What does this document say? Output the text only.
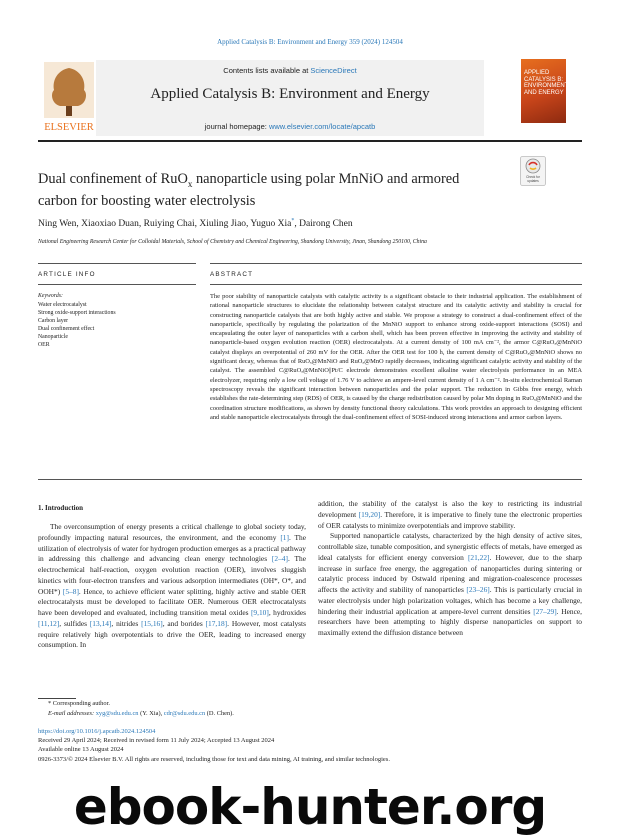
Applied Catalysis B: Environment and Energy 359 (2024) 124504
ELSEVIER
Contents lists available at ScienceDirect
Applied Catalysis B: Environment and Energy
journal homepage: www.elsevier.com/locate/apcatb
APPLIED
CATALYSIS B:
ENVIRONMENT
AND ENERGY
Dual confinement of RuO$_x$ nanoparticle using polar MnNiO and armored carbon for boosting water electrolysis
Check for
updates
Ning Wen, Xiaoxiao Duan, Ruiying Chai, Xiuling Jiao, Yuguo Xia*, Dairong Chen
National Engineering Research Center for Colloidal Materials, School of Chemistry and Chemical Engineering, Shandong University, Jinan, Shandong 250100, China
ARTICLE INFO	ABSTRACT
Keywords:
Water electrocatalyst
Strong oxide-support interactions
Carbon layer
Dual confinement effect
Nanoparticle
OER
The poor stability of nanoparticle catalysts with catalytic activity is a significant obstacle to their industrial application. The establishment of rational nanoparticle structures to elucidate the relationship between catalyst structure and its catalytic activity and stability is crucial for constructing nanoparticle catalysts that are both highly active and stable. We propose a strategy to construct a dual-confinement effect of the nanoparticle, specifically by regulating the polarization of the MnNiO support to enhance strong oxide-support interactions (SOSI) and encapsulating the outer layer of nanoparticles with a carbon shell, which has been proven effective in improving the activity and stability of nanoparticle-based oxygen evolution reaction (OER) electrocatalysts. At a current density of 100 mA cm⁻², the armor C@RuOₓ@MnNiO catalyst displays an overpotential of 260 mV for the OER. After the OER test for 100 h, the current density of C@RuOₓ@MnNiO shows no significant decay, whereas that of RuOₓ@MnNiO and RuOₓ@MnO rapidly decreases, indicating significant catalytic activity and stability of the catalyst. The assembled C@RuOₓ@MnNiO||Pt/C electrode demonstrates excellent alkaline water electrolysis performance in an MEA electrolyzer, requiring only a low cell voltage of 1.76 V to achieve an ampere-level current density of 1 A cm⁻². In-situ electrochemical Raman spectroscopy reveals the significant interaction between nanoparticles and the polar support. The reduction in Gibbs free energy, which establishes the rate-determining step (RDS) of OER, is caused by the charge redistribution caused by polar Mn doping in RuOₓ@MnNiO and the coordination structure modifications, as shown by density functional theory calculations. This work provides an approach to designing efficient and stable nanoparticle electrocatalysts through the dual-confinement effect of SOSI-induced strong interactions and armor carbon layers.
1. Introduction

The overconsumption of energy presents a critical challenge to global society today, profoundly impacting natural resources, the environment, and the economy [1]. The utilization of electrolysis of water for hydrogen production emerges as a practical pathway in addressing this challenge and advancing clean energy technologies [2–4]. The electrochemical half-reaction, oxygen evolution reaction (OER), involves sluggish kinetics with four-electron transfers and various adsorption intermediates (OH*, O*, and OOH*) [5–8]. Hence, to achieve efficient water splitting, highly active and stable OER electrocatalysts must be developed to facilitate OER. Numerous OER electrocatalysts have been developed and evaluated, including transition metal oxides [9,10], hydroxides [11,12], sulfides [13,14], nitrides [15,16], and borides [17,18]. However, most catalysts require relatively high overpotentials to drive the OER, leading to increased energy consumption. In

addition, the stability of the catalyst is also the key to restricting its industrial development [19,20]. Therefore, it is imperative to finely tune the electronic properties of OER catalysts to minimize overpotentials and improve stability.

Supported nanoparticle catalysts, characterized by the high density of active sites, controllable size, tunable composition, and synergistic effects of metals, have emerged as ideal catalysts for efficient energy conversion [21,22]. However, due to the sharp increase in surface free energy, the aggregation of nanoparticles during sintering or catalytic process induced by Ostwald ripening and migration-coalescence processes affects the activity and stability of nanoparticles [23–26]. This is particularly crucial in water electrolysis under high polarization voltages, which has become a key challenge, hindering their industrial application at ampere-level current densities [27–29]. Hence, researchers have been attempting to highly disperse nanoparticles on support to maximally extend the diffusion distance between

* Corresponding author.
E-mail addresses: xyg@sdu.edu.cn (Y. Xia), cdr@sdu.edu.cn (D. Chen).
https://doi.org/10.1016/j.apcatb.2024.124504
Received 29 April 2024; Received in revised form 11 July 2024; Accepted 13 August 2024
Available online 13 August 2024
0926-3373/© 2024 Elsevier B.V. All rights are reserved, including those for text and data mining, AI training, and similar technologies.
ebook-hunter.org
